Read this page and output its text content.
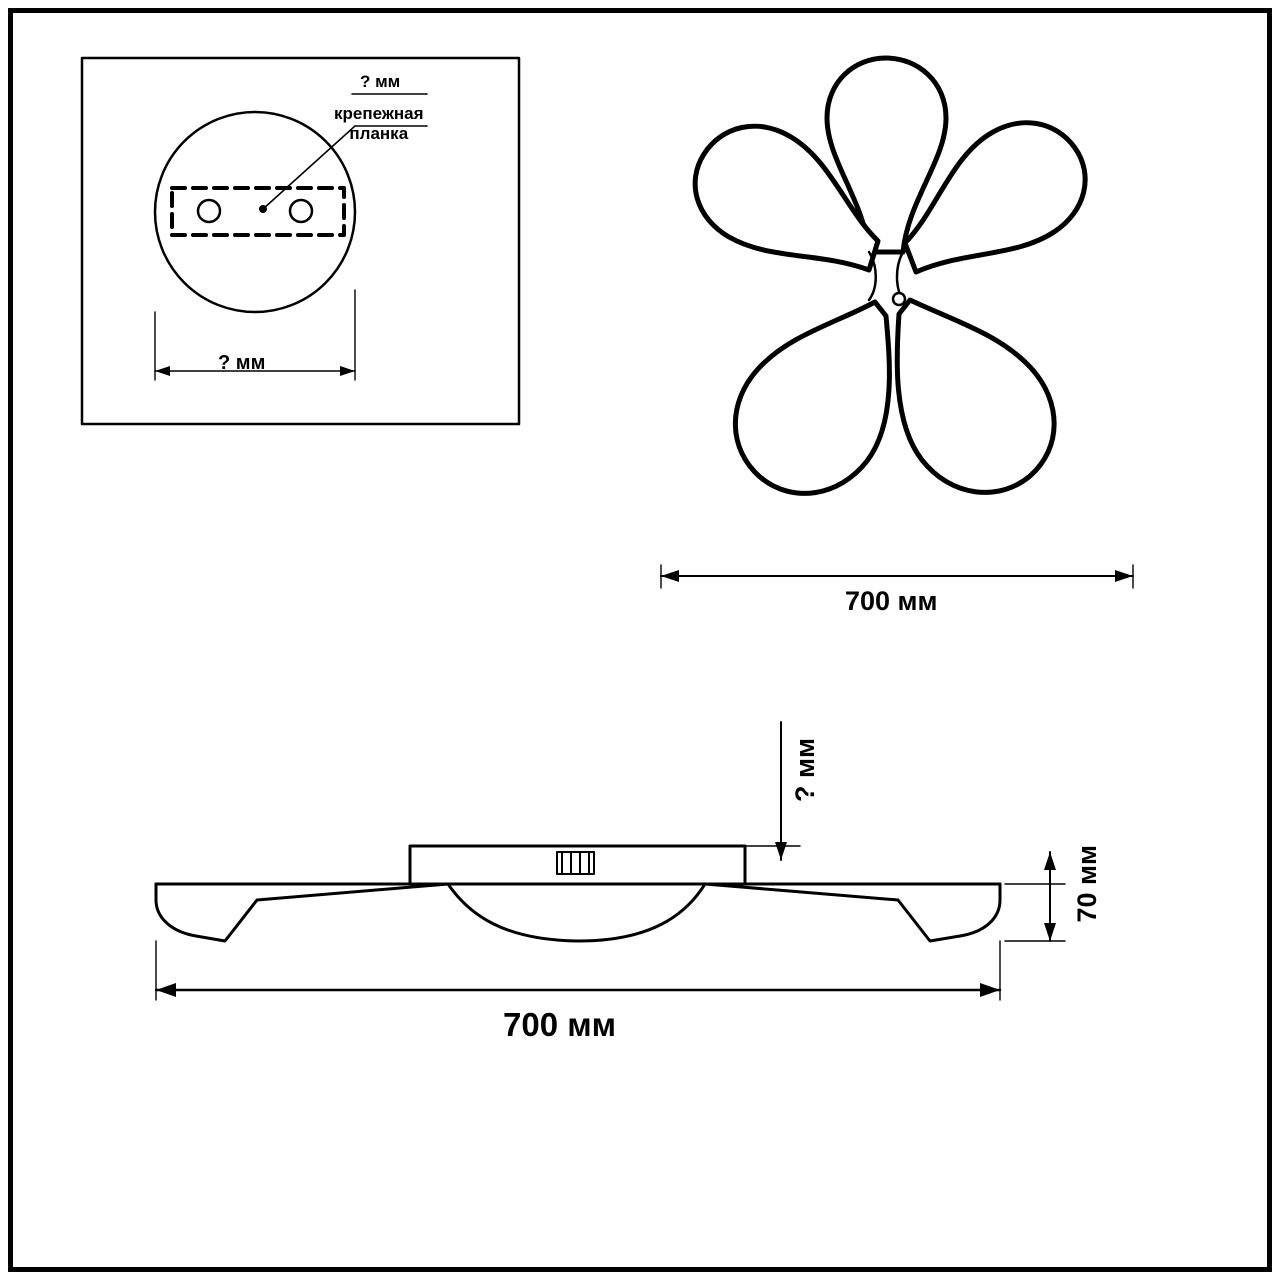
? мм
крепежная
планка
? мм
700 мм
? мм
70 мм
700 мм
